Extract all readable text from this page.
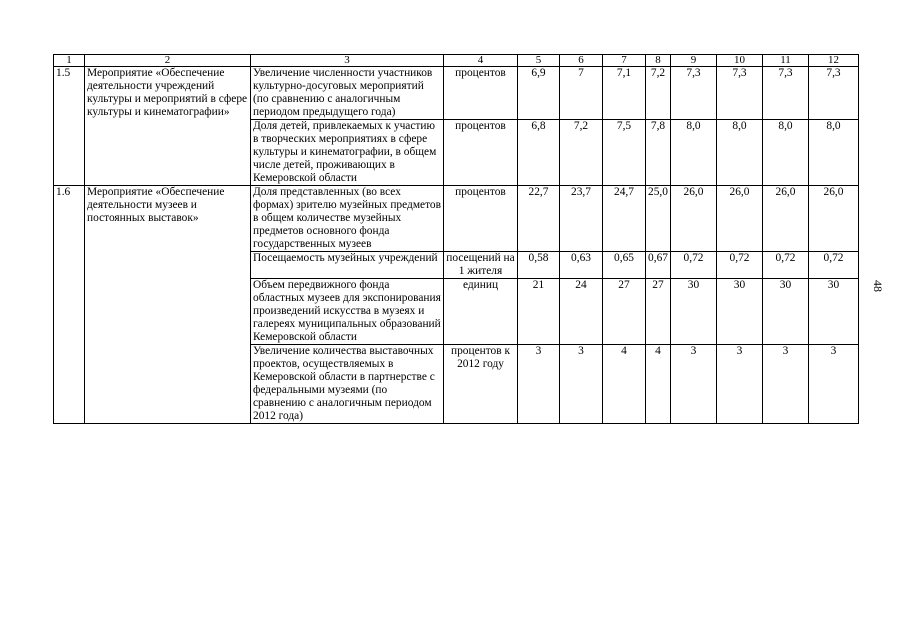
1	2	3	4	5	6	7	8	9	10	11	12
1.5	Мероприятие «Обеспечение деятельности учреждений культуры и мероприятий в сфере культуры и кинематографии»	Увеличение численности участников культурно-досуговых мероприятий (по сравнению с аналогичным периодом предыдущего года)	процентов	6,9	7	7,1	7,2	7,3	7,3	7,3	7,3
		Доля детей, привлекаемых к участию в творческих мероприятиях в сфере культуры и кинематографии, в общем числе детей, проживающих в Кемеровской области	процентов	6,8	7,2	7,5	7,8	8,0	8,0	8,0	8,0
1.6	Мероприятие «Обеспечение деятельности музеев и постоянных выставок»	Доля представленных (во всех формах) зрителю музейных предметов в общем количестве музейных предметов основного фонда государственных музеев	процентов	22,7	23,7	24,7	25,0	26,0	26,0	26,0	26,0
		Посещаемость музейных учреждений	посещений на 1 жителя	0,58	0,63	0,65	0,67	0,72	0,72	0,72	0,72
		Объем передвижного фонда областных музеев для экспонирования произведений искусства в музеях и галереях муниципальных образований Кемеровской области	единиц	21	24	27	27	30	30	30	30
		Увеличение количества выставочных проектов, осуществляемых в Кемеровской области в партнерстве с федеральными музеями (по сравнению с аналогичным периодом 2012 года)	процентов к 2012 году	3	3	4	4	3	3	3	3
48
